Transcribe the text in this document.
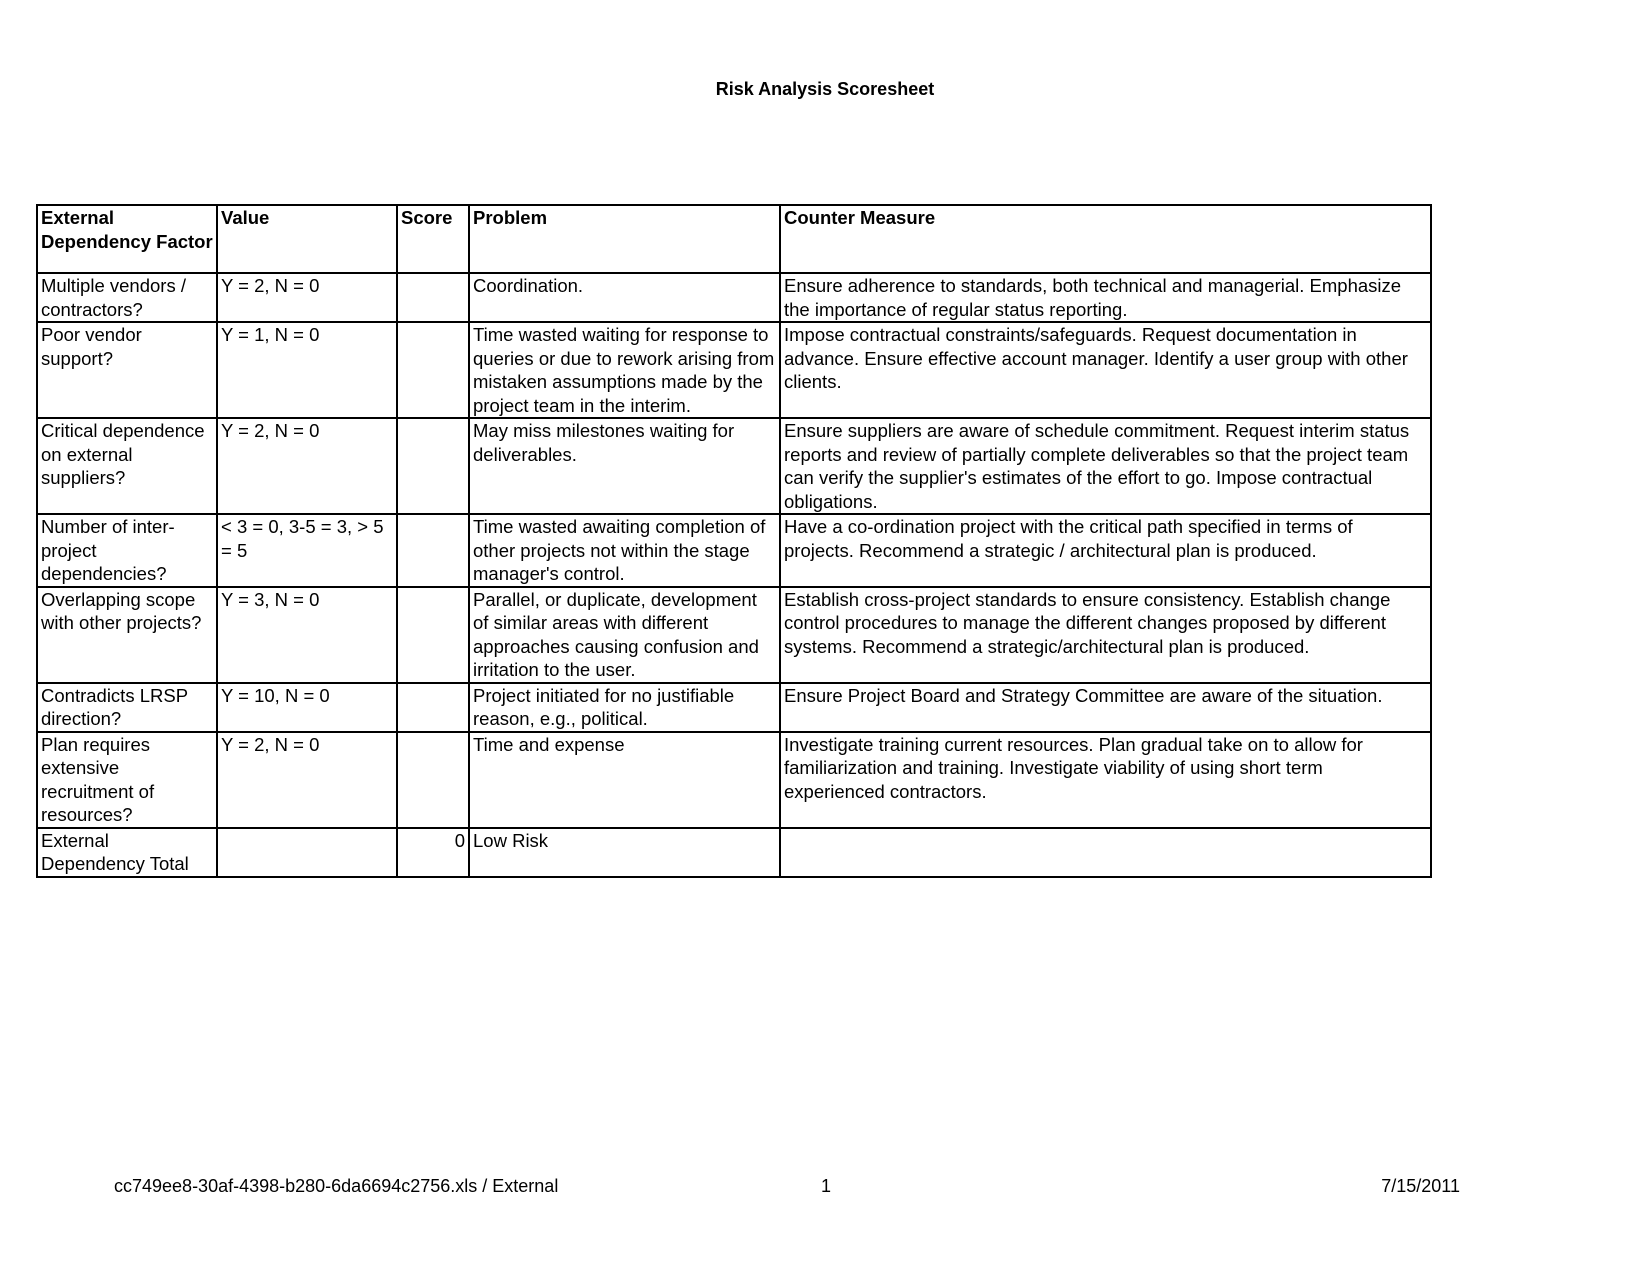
Risk Analysis Scoresheet
External Dependency Factor	Value	Score	Problem	Counter Measure
Multiple vendors / contractors?	Y = 2, N = 0		Coordination.	Ensure adherence to standards, both technical and managerial. Emphasize the importance of regular status reporting.
Poor vendor support?	Y = 1, N = 0		Time wasted waiting for response to queries or due to rework arising from mistaken assumptions made by the project team in the interim.	Impose contractual constraints/safeguards. Request documentation in advance. Ensure effective account manager. Identify a user group with other clients.
Critical dependence on external suppliers?	Y = 2, N = 0		May miss milestones waiting for deliverables.	Ensure suppliers are aware of schedule commitment. Request interim status reports and review of partially complete deliverables so that the project team can verify the supplier's estimates of the effort to go. Impose contractual obligations.
Number of inter-project dependencies?	< 3 = 0, 3-5 = 3, > 5 = 5		Time wasted awaiting completion of other projects not within the stage manager's control.	Have a co-ordination project with the critical path specified in terms of projects. Recommend a strategic / architectural plan is produced.
Overlapping scope with other projects?	Y = 3, N = 0		Parallel, or duplicate, development of similar areas with different approaches causing confusion and irritation to the user.	Establish cross-project standards to ensure consistency. Establish change control procedures to manage the different changes proposed by different systems. Recommend a strategic/architectural plan is produced.
Contradicts LRSP direction?	Y = 10, N = 0		Project initiated for no justifiable reason, e.g., political.	Ensure Project Board and Strategy Committee are aware of the situation.
Plan requires extensive recruitment of resources?	Y = 2, N = 0		Time and expense	Investigate training current resources. Plan gradual take on to allow for familiarization and training. Investigate viability of using short term experienced contractors.
External Dependency Total		0	Low Risk	
cc749ee8-30af-4398-b280-6da6694c2756.xls / External	1	7/15/2011
